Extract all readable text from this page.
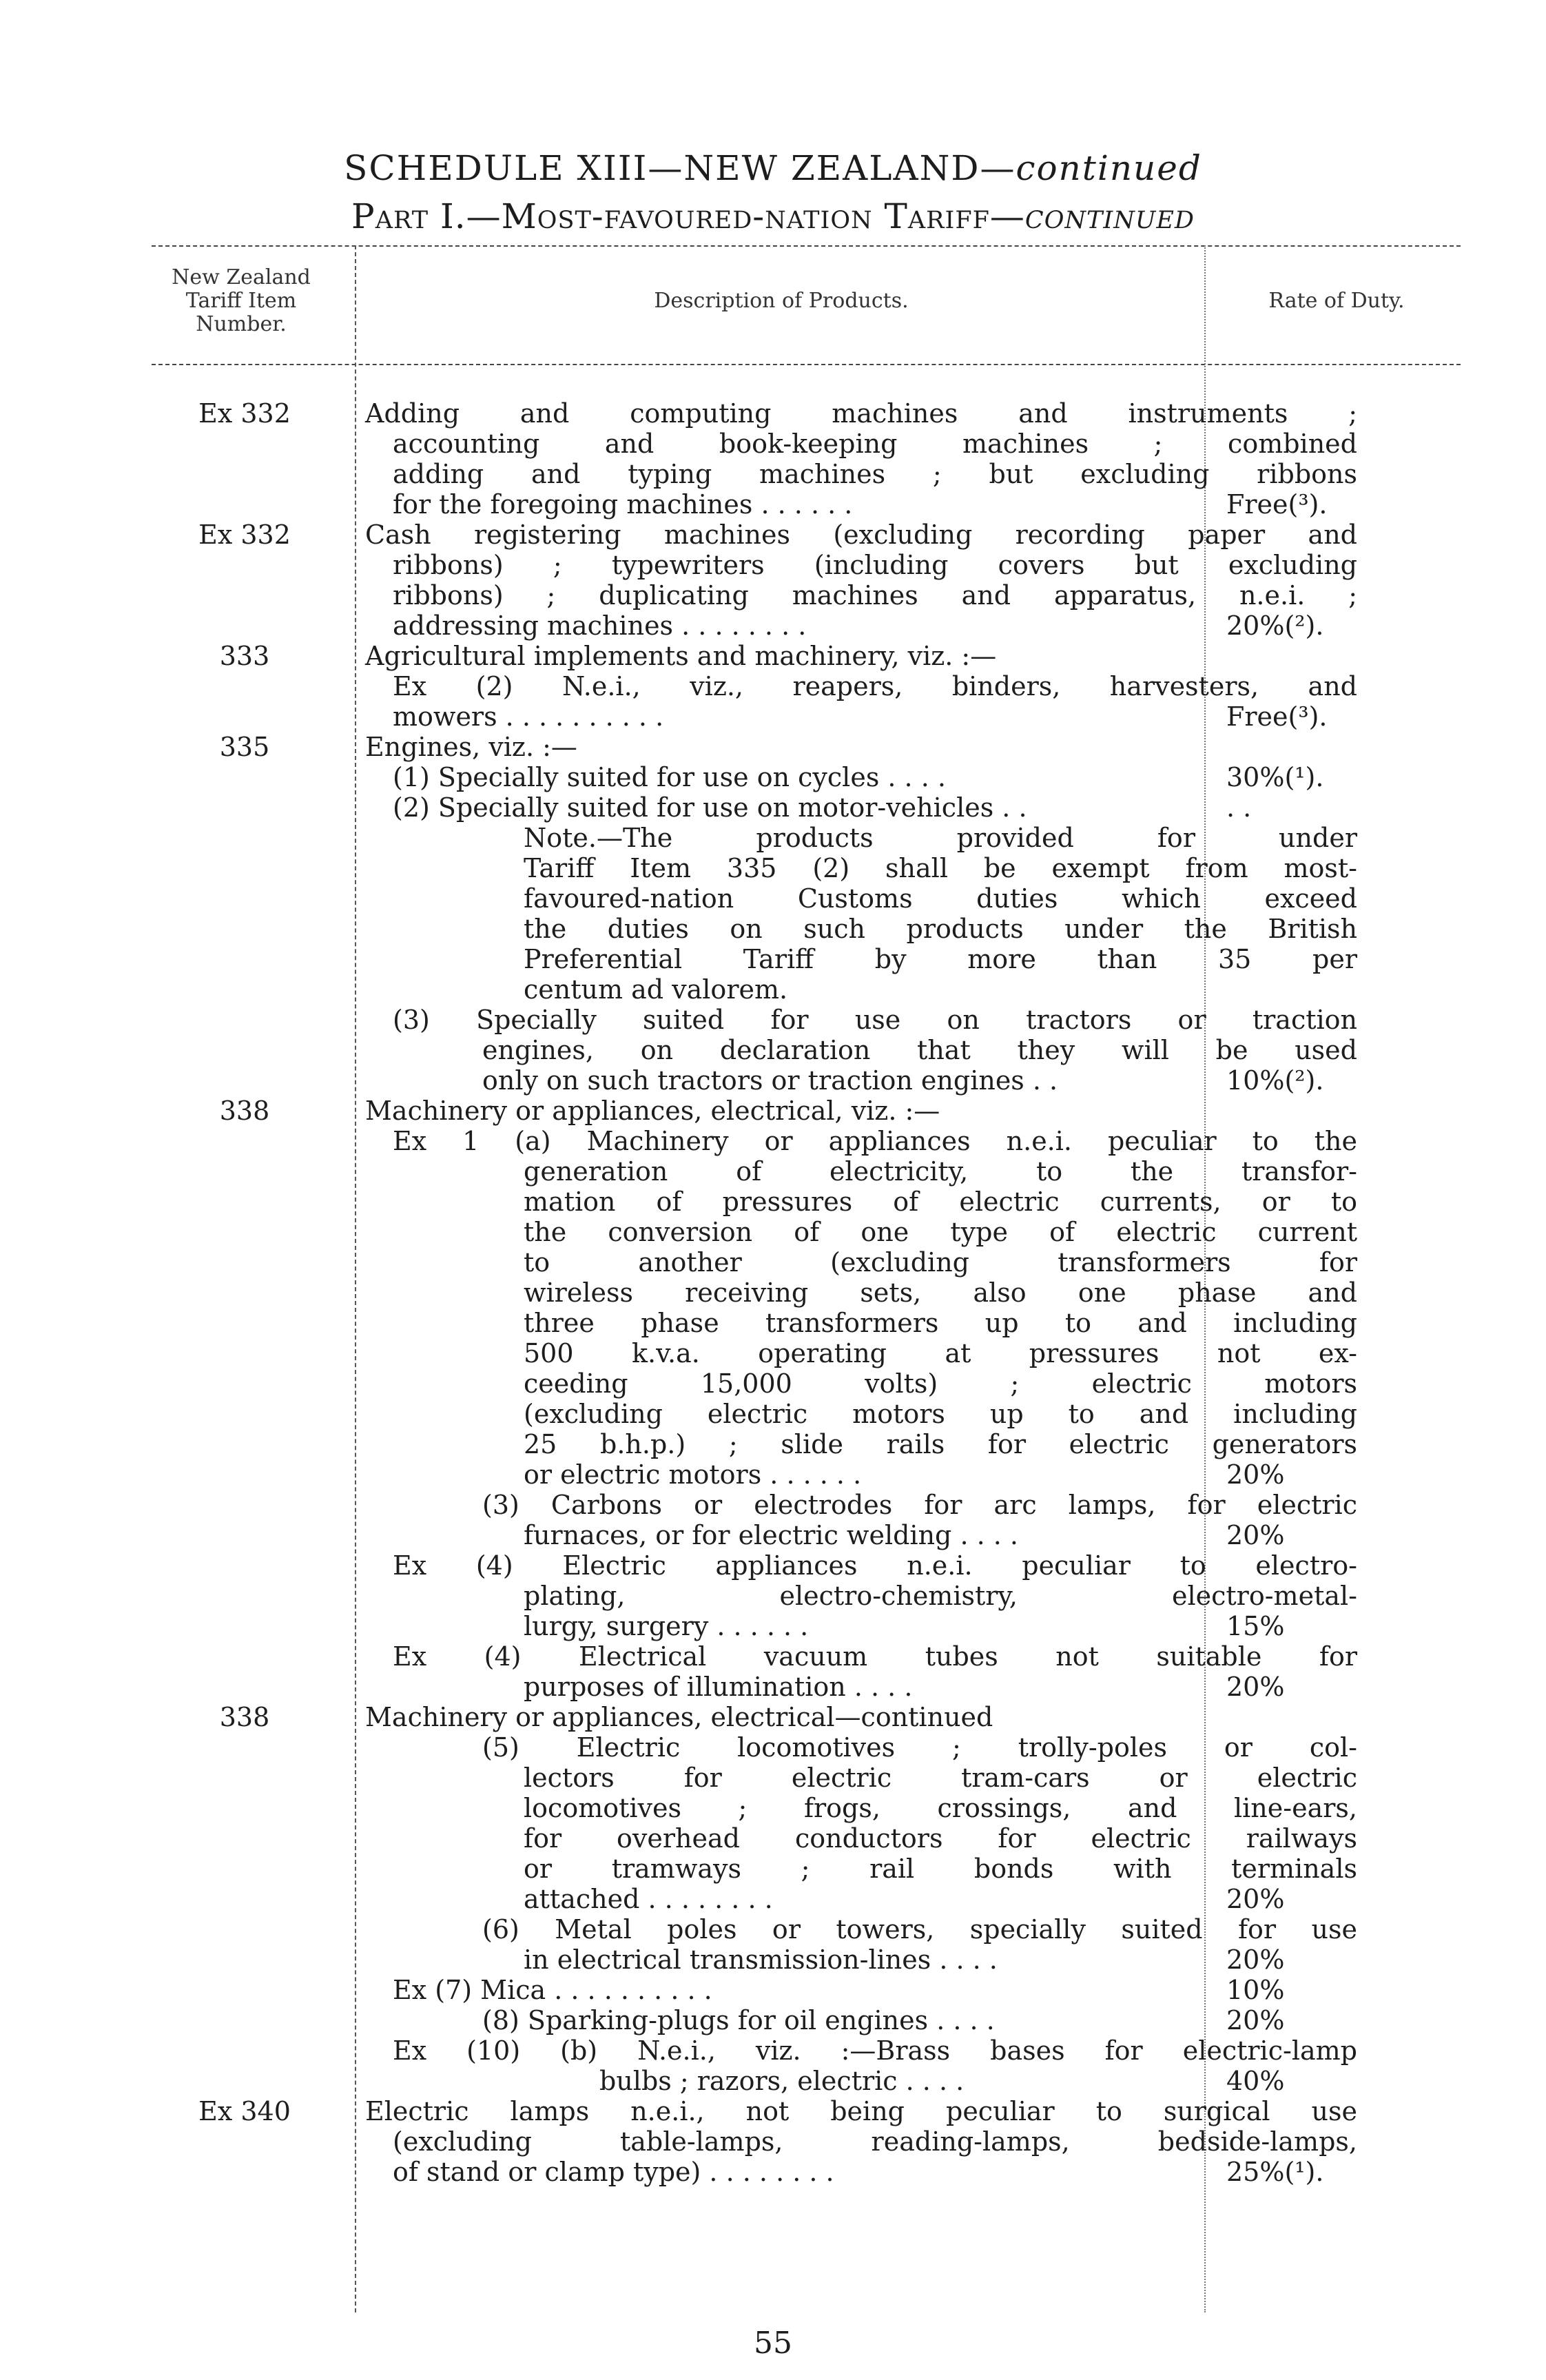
SCHEDULE XIII—NEW ZEALAND—continued
Part I.—Most-favoured-nation Tariff—continued
New Zealand
Tariff Item
Number.
Description of Products.	Rate of Duty.
Ex 332	Adding and computing machines and instruments ;
accounting and book-keeping machines ; combined
adding and typing machines ; but excluding ribbons
for the foregoing machines . . . . . .	Free(³).
Ex 332	Cash registering machines (excluding recording paper and
ribbons) ; typewriters (including covers but excluding
ribbons) ; duplicating machines and apparatus, n.e.i. ;
addressing machines . . . . . . . .	20%(²).
333	Agricultural implements and machinery, viz. :—
Ex (2) N.e.i., viz., reapers, binders, harvesters, and
mowers . . . . . . . . . .	Free(³).
335	Engines, viz. :—
(1) Specially suited for use on cycles . . . .	30%(¹).
(2) Specially suited for use on motor-vehicles . .	. .
Note.—The products provided for under
Tariff Item 335 (2) shall be exempt from most-
favoured-nation Customs duties which exceed
the duties on such products under the British
Preferential Tariff by more than 35 per
centum ad valorem.
(3) Specially suited for use on tractors or traction
engines, on declaration that they will be used
only on such tractors or traction engines . .	10%(²).
338	Machinery or appliances, electrical, viz. :—
Ex 1 (a) Machinery or appliances n.e.i. peculiar to the
generation of electricity, to the transfor-
mation of pressures of electric currents, or to
the conversion of one type of electric current
to another (excluding transformers for
wireless receiving sets, also one phase and
three phase transformers up to and including
500 k.v.a. operating at pressures not ex-
ceeding 15,000 volts) ; electric motors
(excluding electric motors up to and including
25 b.h.p.) ; slide rails for electric generators
or electric motors . . . . . .	20%
(3) Carbons or electrodes for arc lamps, for electric
furnaces, or for electric welding . . . .	20%
Ex (4) Electric appliances n.e.i. peculiar to electro-
plating, electro-chemistry, electro-metal-
lurgy, surgery . . . . . .	15%
Ex (4) Electrical vacuum tubes not suitable for
purposes of illumination . . . .	20%
338	Machinery or appliances, electrical—continued
(5) Electric locomotives ; trolly-poles or col-
lectors for electric tram-cars or electric
locomotives ; frogs, crossings, and line-ears,
for overhead conductors for electric railways
or tramways ; rail bonds with terminals
attached . . . . . . . .	20%
(6) Metal poles or towers, specially suited for use
in electrical transmission-lines . . . .	20%
Ex (7) Mica . . . . . . . . . .	10%
(8) Sparking-plugs for oil engines . . . .	20%
Ex (10) (b) N.e.i., viz. :—Brass bases for electric-lamp
bulbs ; razors, electric . . . .	40%
Ex 340	Electric lamps n.e.i., not being peculiar to surgical use
(excluding table-lamps, reading-lamps, bedside-lamps,
of stand or clamp type) . . . . . . . .	25%(¹).
55
